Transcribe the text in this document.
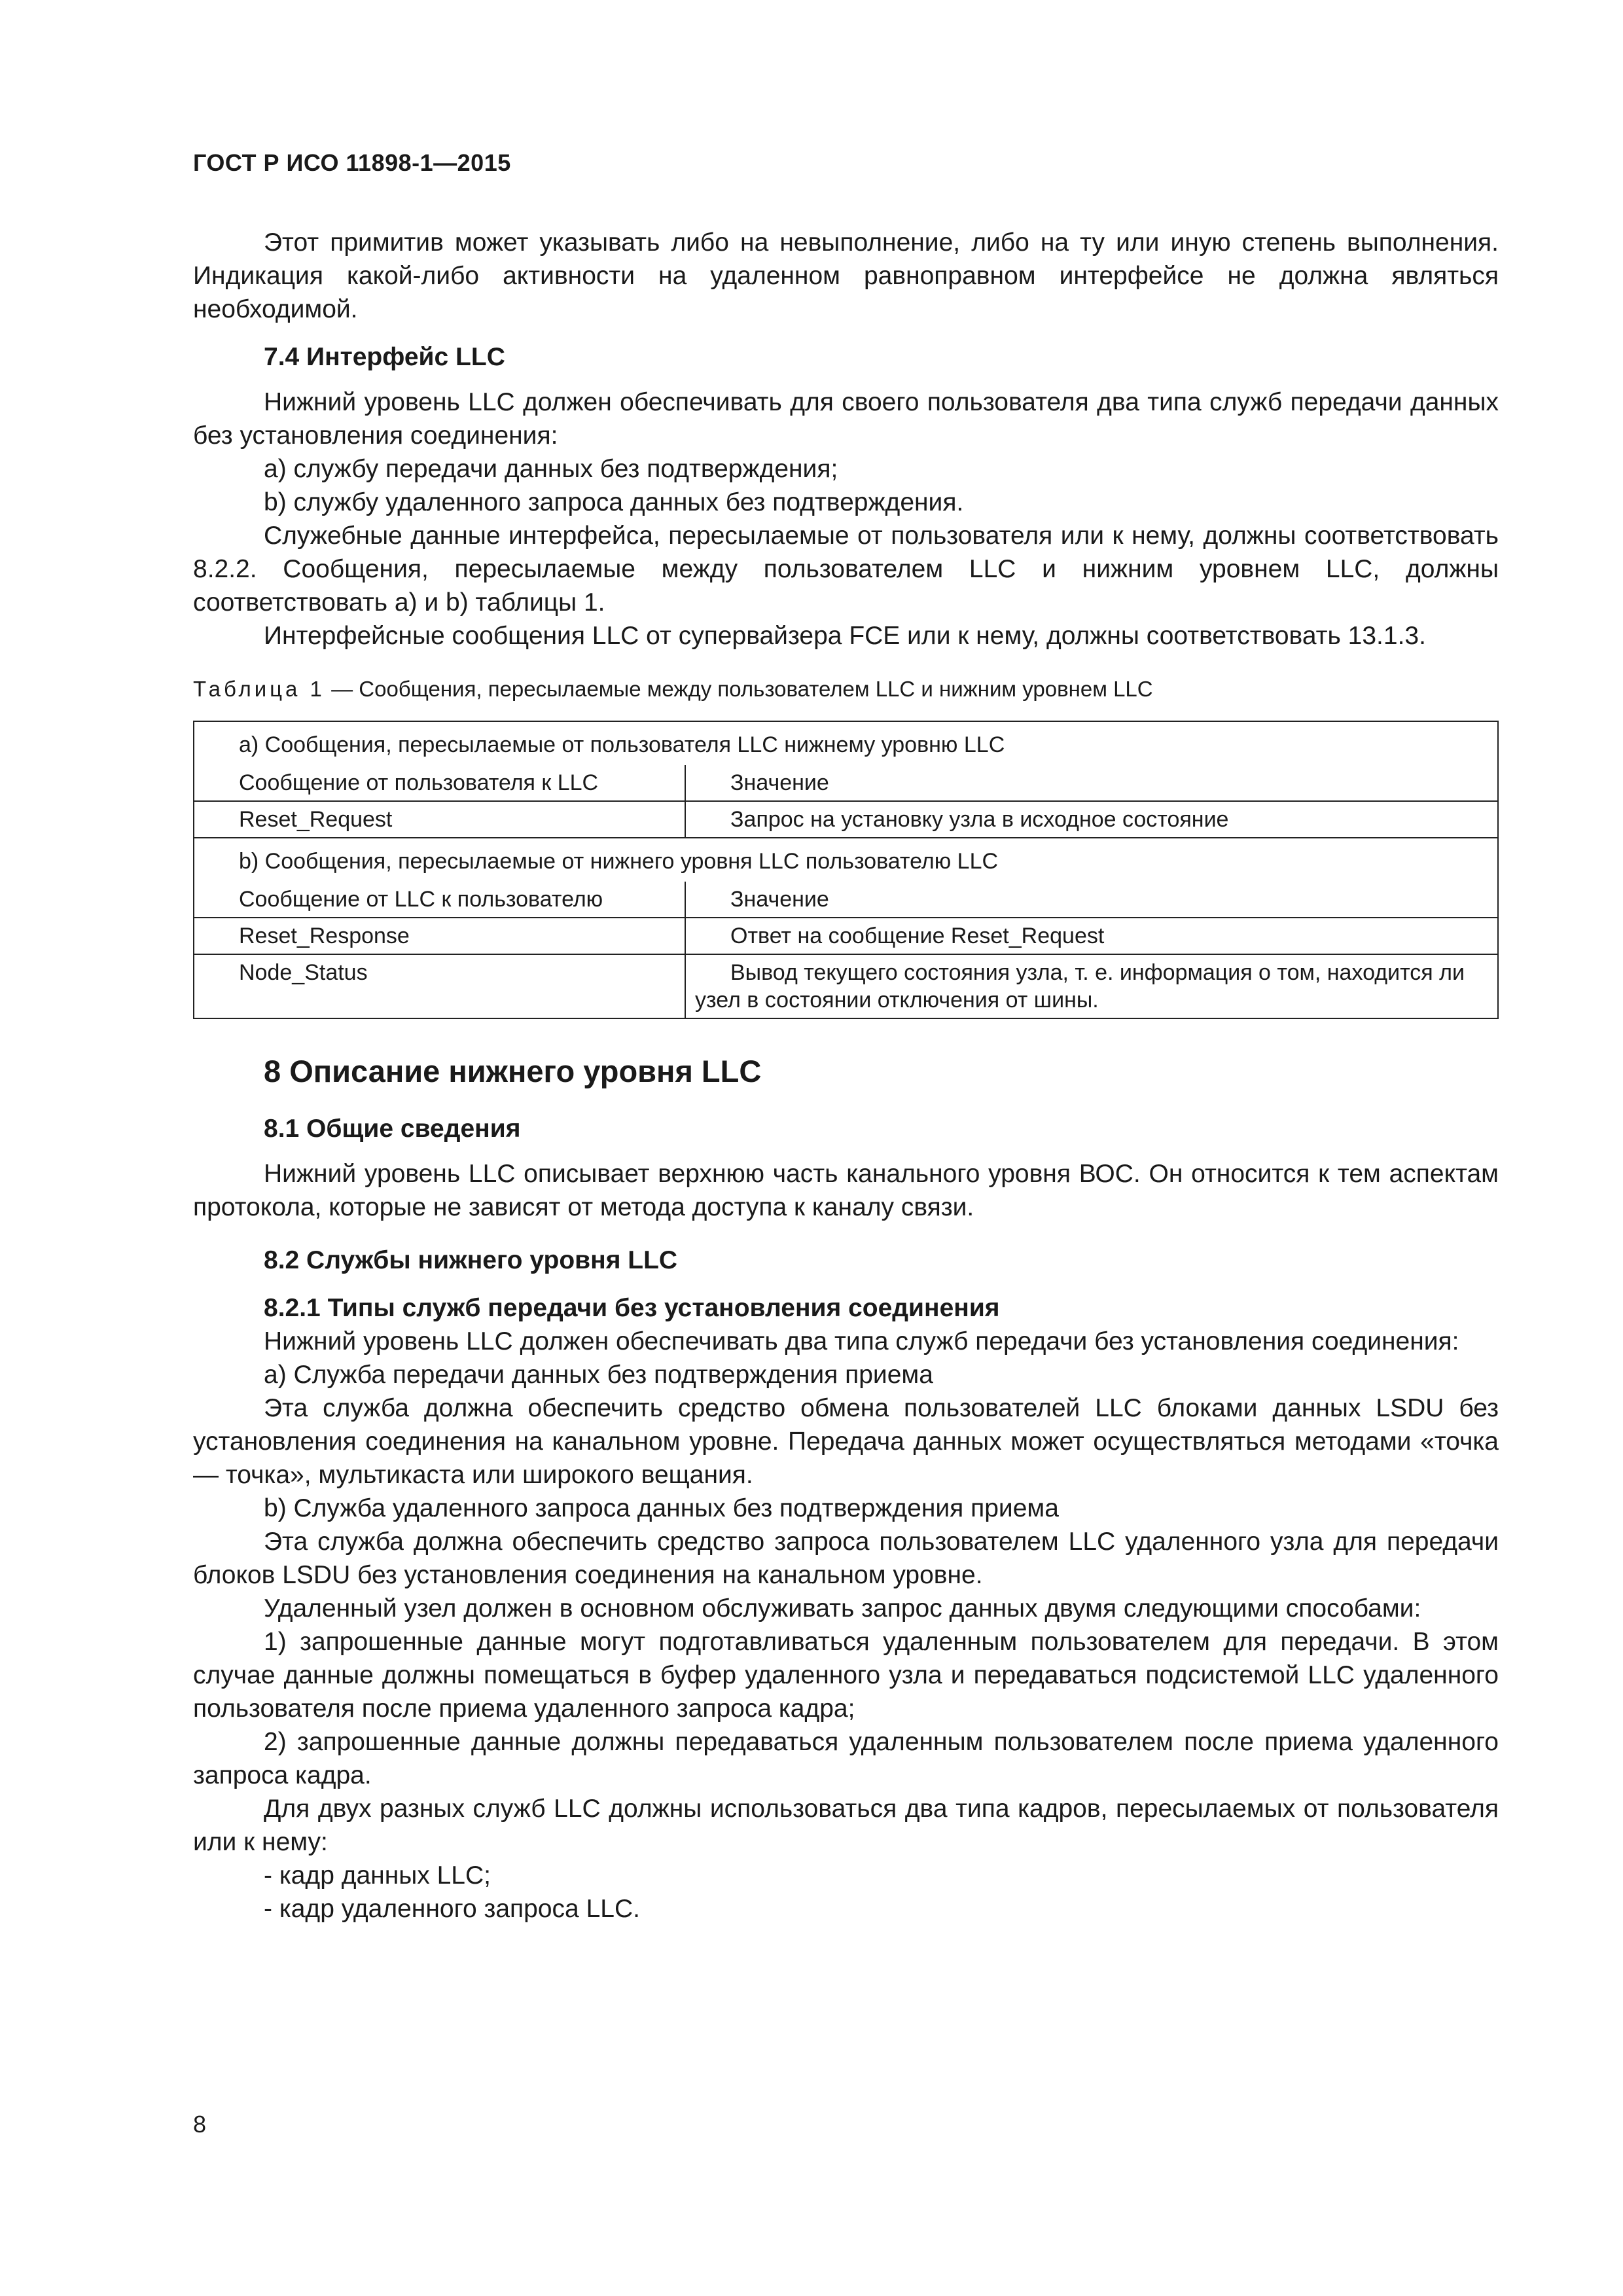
ГОСТ Р ИСО 11898-1—2015

Этот примитив может указывать либо на невыполнение, либо на ту или иную степень выполнения. Индикация какой-либо активности на удаленном равноправном интерфейсе не должна являться необходимой.

7.4 Интерфейс LLC

Нижний уровень LLC должен обеспечивать для своего пользователя два типа служб передачи данных без установления соединения:

a) службу передачи данных без подтверждения;

b) службу удаленного запроса данных без подтверждения.

Служебные данные интерфейса, пересылаемые от пользователя или к нему, должны соответствовать 8.2.2. Сообщения, пересылаемые между пользователем LLC и нижним уровнем LLC, должны соответствовать a) и b) таблицы 1.

Интерфейсные сообщения LLC от супервайзера FCE или к нему, должны соответствовать 13.1.3.

Таблица 1 — Сообщения, пересылаемые между пользователем LLC и нижним уровнем LLC
a) Сообщения, пересылаемые от пользователя LLC нижнему уровню LLC	
Сообщение от пользователя к LLC	Значение
Reset_Request	Запрос на установку узла в исходное состояние
b) Сообщения, пересылаемые от нижнего уровня LLC пользователю LLC	
Сообщение от LLC к пользователю	Значение
Reset_Response	Ответ на сообщение Reset_Request
Node_Status	Вывод текущего состояния узла, т. е. информация о том, находится ли узел в состоянии отключения от шины.
8 Описание нижнего уровня LLC
8.1 Общие сведения

Нижний уровень LLC описывает верхнюю часть канального уровня ВОС. Он относится к тем аспектам протокола, которые не зависят от метода доступа к каналу связи.

8.2 Службы нижнего уровня LLC
8.2.1 Типы служб передачи без установления соединения

Нижний уровень LLC должен обеспечивать два типа служб передачи без установления соединения:

a) Служба передачи данных без подтверждения приема

Эта служба должна обеспечить средство обмена пользователей LLC блоками данных LSDU без установления соединения на канальном уровне. Передача данных может осуществляться методами «точка — точка», мультикаста или широкого вещания.

b) Служба удаленного запроса данных без подтверждения приема

Эта служба должна обеспечить средство запроса пользователем LLC удаленного узла для передачи блоков LSDU без установления соединения на канальном уровне.

Удаленный узел должен в основном обслуживать запрос данных двумя следующими способами:

1) запрошенные данные могут подготавливаться удаленным пользователем для передачи. В этом случае данные должны помещаться в буфер удаленного узла и передаваться подсистемой LLC удаленного пользователя после приема удаленного запроса кадра;

2) запрошенные данные должны передаваться удаленным пользователем после приема удаленного запроса кадра.

Для двух разных служб LLC должны использоваться два типа кадров, пересылаемых от пользователя или к нему:

- кадр данных LLC;

- кадр удаленного запроса LLC.

8
